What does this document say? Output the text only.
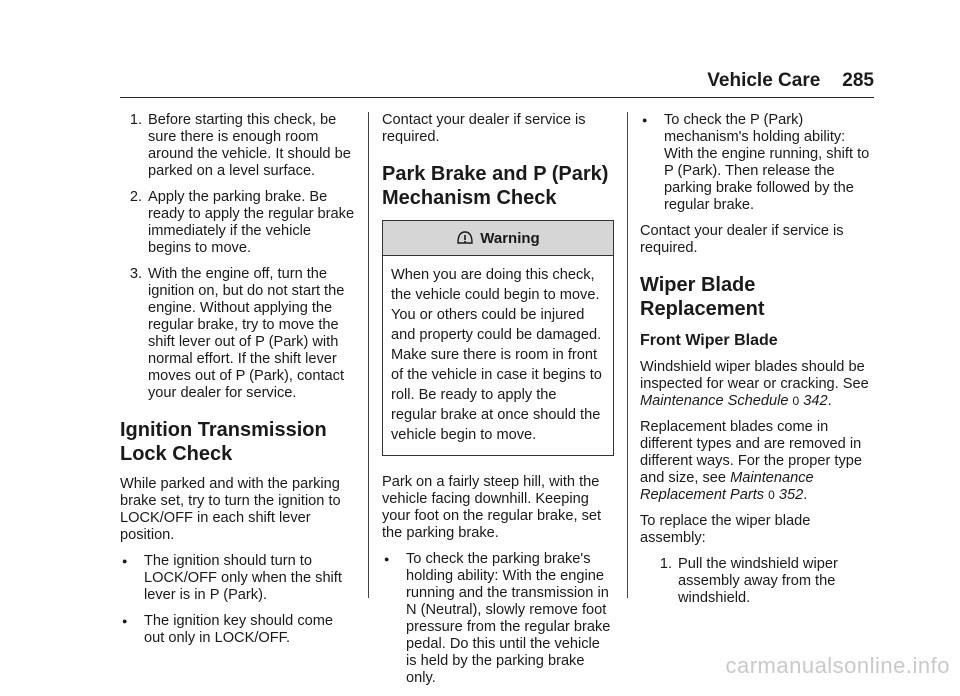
Vehicle Care 285
1. Before starting this check, be sure there is enough room around the vehicle. It should be parked on a level surface.
2. Apply the parking brake. Be ready to apply the regular brake immediately if the vehicle begins to move.
3. With the engine off, turn the ignition on, but do not start the engine. Without applying the regular brake, try to move the shift lever out of P (Park) with normal effort. If the shift lever moves out of P (Park), contact your dealer for service.
Ignition Transmission Lock Check

While parked and with the parking brake set, try to turn the ignition to LOCK/OFF in each shift lever position.

●	The ignition should turn to LOCK/OFF only when the shift lever is in P (Park).
●	The ignition key should come out only in LOCK/OFF.

Contact your dealer if service is required.

Park Brake and P (Park) Mechanism Check
Warning
When you are doing this check, the vehicle could begin to move. You or others could be injured and property could be damaged. Make sure there is room in front of the vehicle in case it begins to roll. Be ready to apply the regular brake at once should the vehicle begin to move.

Park on a fairly steep hill, with the vehicle facing downhill. Keeping your foot on the regular brake, set the parking brake.

●	To check the parking brake's holding ability: With the engine running and the transmission in N (Neutral), slowly remove foot pressure from the regular brake pedal. Do this until the vehicle is held by the parking brake only.
●	To check the P (Park) mechanism's holding ability: With the engine running, shift to P (Park). Then release the parking brake followed by the regular brake.

Contact your dealer if service is required.

Wiper Blade Replacement
Front Wiper Blade

Windshield wiper blades should be inspected for wear or cracking. See Maintenance Schedule 0 342.

Replacement blades come in different types and are removed in different ways. For the proper type and size, see Maintenance Replacement Parts 0 352.

To replace the wiper blade assembly:

1. Pull the windshield wiper assembly away from the windshield.
carmanualsonline.info
